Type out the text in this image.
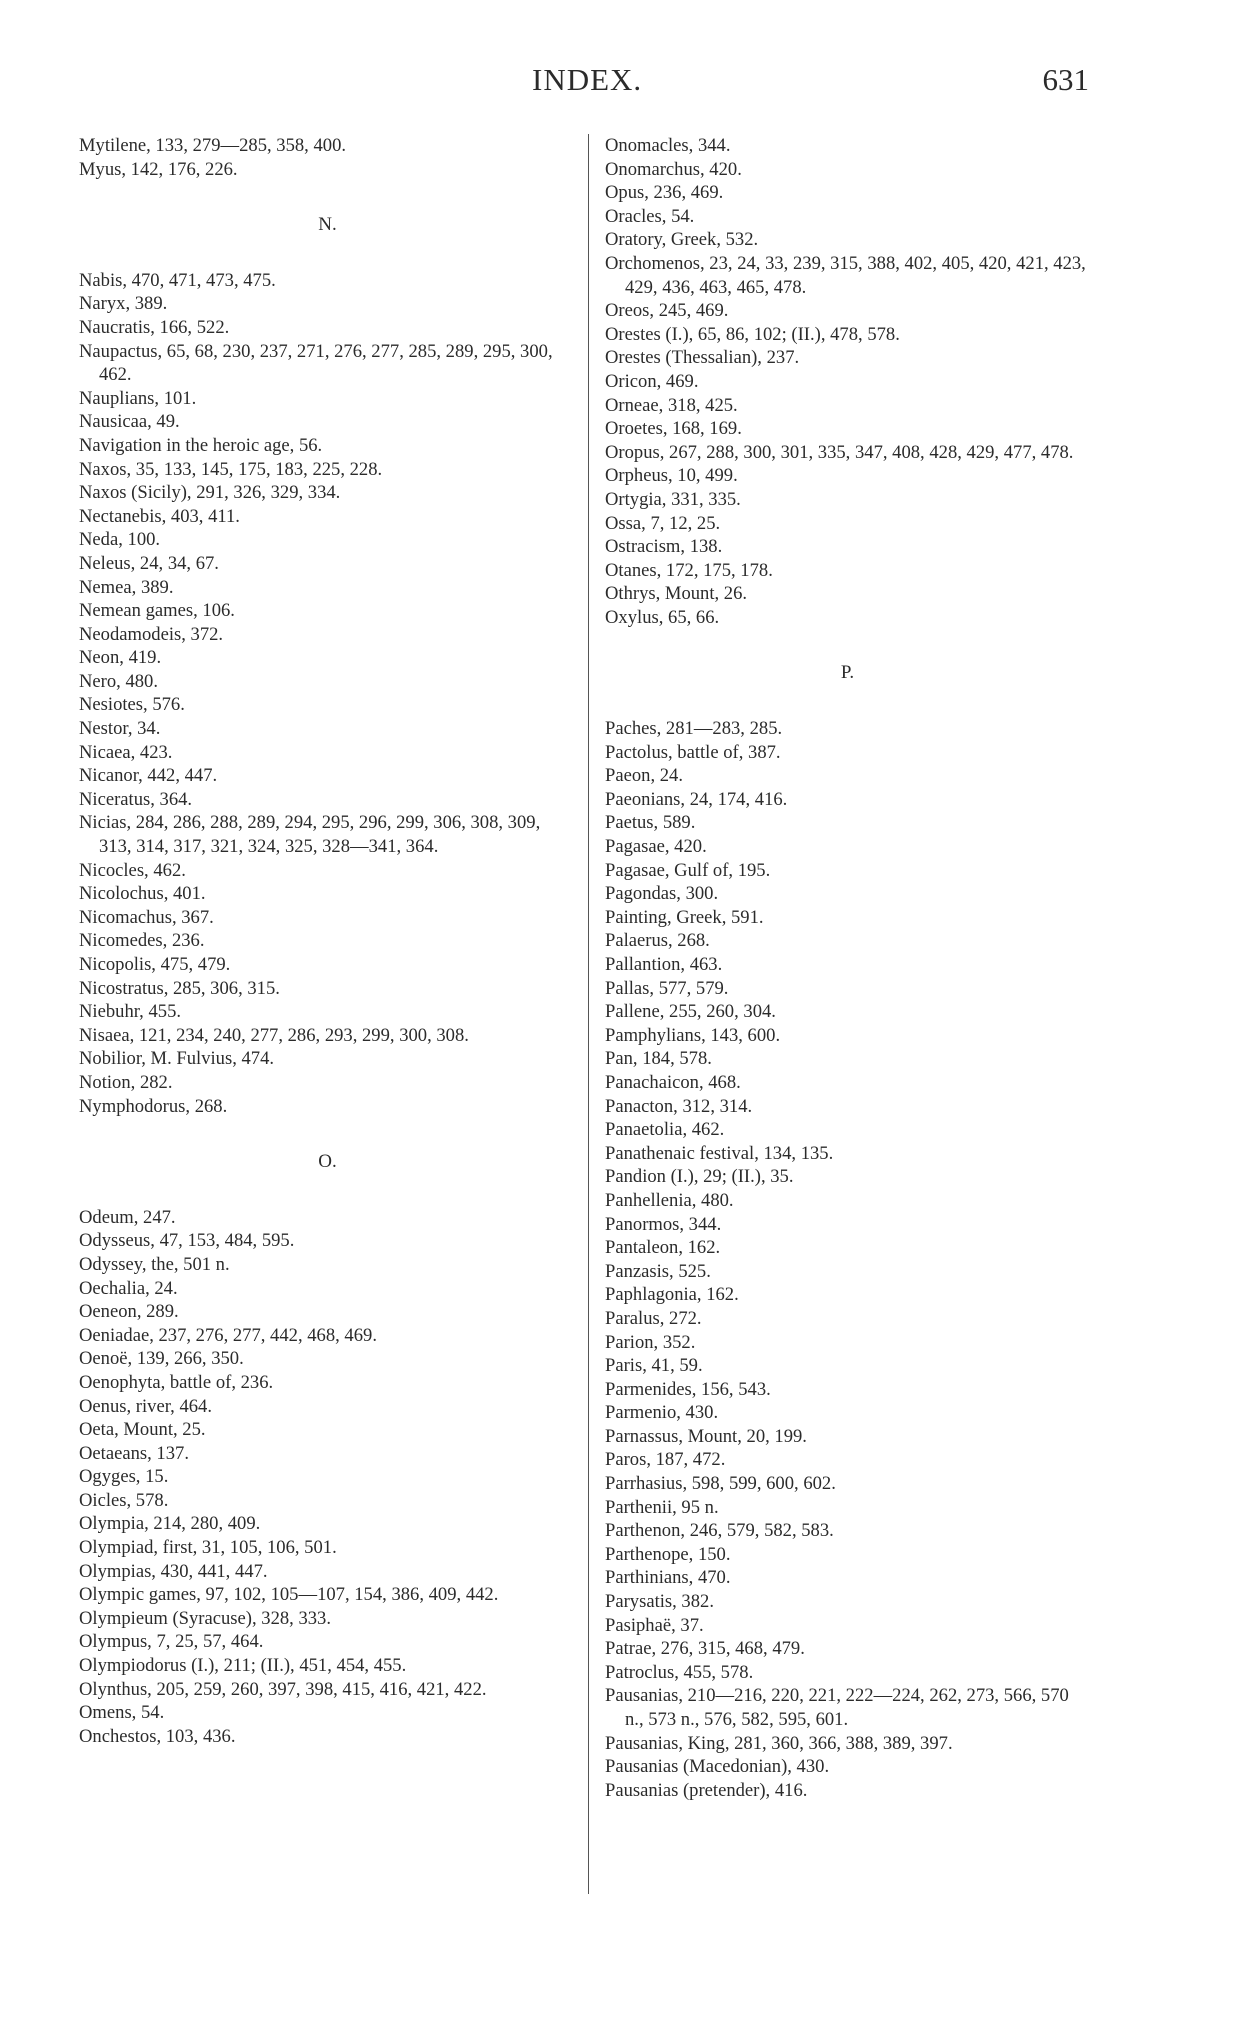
INDEX.	631
Mytilene, 133, 279—285, 358, 400.
Myus, 142, 176, 226.
N.
Nabis, 470, 471, 473, 475.
Naryx, 389.
Naucratis, 166, 522.
Naupactus, 65, 68, 230, 237, 271, 276, 277, 285, 289, 295, 300, 462.
Nauplians, 101.
Nausicaa, 49.
Navigation in the heroic age, 56.
Naxos, 35, 133, 145, 175, 183, 225, 228.
Naxos (Sicily), 291, 326, 329, 334.
Nectanebis, 403, 411.
Neda, 100.
Neleus, 24, 34, 67.
Nemea, 389.
Nemean games, 106.
Neodamodeis, 372.
Neon, 419.
Nero, 480.
Nesiotes, 576.
Nestor, 34.
Nicaea, 423.
Nicanor, 442, 447.
Niceratus, 364.
Nicias, 284, 286, 288, 289, 294, 295, 296, 299, 306, 308, 309, 313, 314, 317, 321, 324, 325, 328—341, 364.
Nicocles, 462.
Nicolochus, 401.
Nicomachus, 367.
Nicomedes, 236.
Nicopolis, 475, 479.
Nicostratus, 285, 306, 315.
Niebuhr, 455.
Nisaea, 121, 234, 240, 277, 286, 293, 299, 300, 308.
Nobilior, M. Fulvius, 474.
Notion, 282.
Nymphodorus, 268.
O.
Odeum, 247.
Odysseus, 47, 153, 484, 595.
Odyssey, the, 501 n.
Oechalia, 24.
Oeneon, 289.
Oeniadae, 237, 276, 277, 442, 468, 469.
Oenoë, 139, 266, 350.
Oenophyta, battle of, 236.
Oenus, river, 464.
Oeta, Mount, 25.
Oetaeans, 137.
Ogyges, 15.
Oicles, 578.
Olympia, 214, 280, 409.
Olympiad, first, 31, 105, 106, 501.
Olympias, 430, 441, 447.
Olympic games, 97, 102, 105—107, 154, 386, 409, 442.
Olympieum (Syracuse), 328, 333.
Olympus, 7, 25, 57, 464.
Olympiodorus (I.), 211; (II.), 451, 454, 455.
Olynthus, 205, 259, 260, 397, 398, 415, 416, 421, 422.
Omens, 54.
Onchestos, 103, 436.
Onomacles, 344.
Onomarchus, 420.
Opus, 236, 469.
Oracles, 54.
Oratory, Greek, 532.
Orchomenos, 23, 24, 33, 239, 315, 388, 402, 405, 420, 421, 423, 429, 436, 463, 465, 478.
Oreos, 245, 469.
Orestes (I.), 65, 86, 102; (II.), 478, 578.
Orestes (Thessalian), 237.
Oricon, 469.
Orneae, 318, 425.
Oroetes, 168, 169.
Oropus, 267, 288, 300, 301, 335, 347, 408, 428, 429, 477, 478.
Orpheus, 10, 499.
Ortygia, 331, 335.
Ossa, 7, 12, 25.
Ostracism, 138.
Otanes, 172, 175, 178.
Othrys, Mount, 26.
Oxylus, 65, 66.
P.
Paches, 281—283, 285.
Pactolus, battle of, 387.
Paeon, 24.
Paeonians, 24, 174, 416.
Paetus, 589.
Pagasae, 420.
Pagasae, Gulf of, 195.
Pagondas, 300.
Painting, Greek, 591.
Palaerus, 268.
Pallantion, 463.
Pallas, 577, 579.
Pallene, 255, 260, 304.
Pamphylians, 143, 600.
Pan, 184, 578.
Panachaicon, 468.
Panacton, 312, 314.
Panaetolia, 462.
Panathenaic festival, 134, 135.
Pandion (I.), 29; (II.), 35.
Panhellenia, 480.
Panormos, 344.
Pantaleon, 162.
Panzasis, 525.
Paphlagonia, 162.
Paralus, 272.
Parion, 352.
Paris, 41, 59.
Parmenides, 156, 543.
Parmenio, 430.
Parnassus, Mount, 20, 199.
Paros, 187, 472.
Parrhasius, 598, 599, 600, 602.
Parthenii, 95 n.
Parthenon, 246, 579, 582, 583.
Parthenope, 150.
Parthinians, 470.
Parysatis, 382.
Pasiphaë, 37.
Patrae, 276, 315, 468, 479.
Patroclus, 455, 578.
Pausanias, 210—216, 220, 221, 222—224, 262, 273, 566, 570 n., 573 n., 576, 582, 595, 601.
Pausanias, King, 281, 360, 366, 388, 389, 397.
Pausanias (Macedonian), 430.
Pausanias (pretender), 416.
